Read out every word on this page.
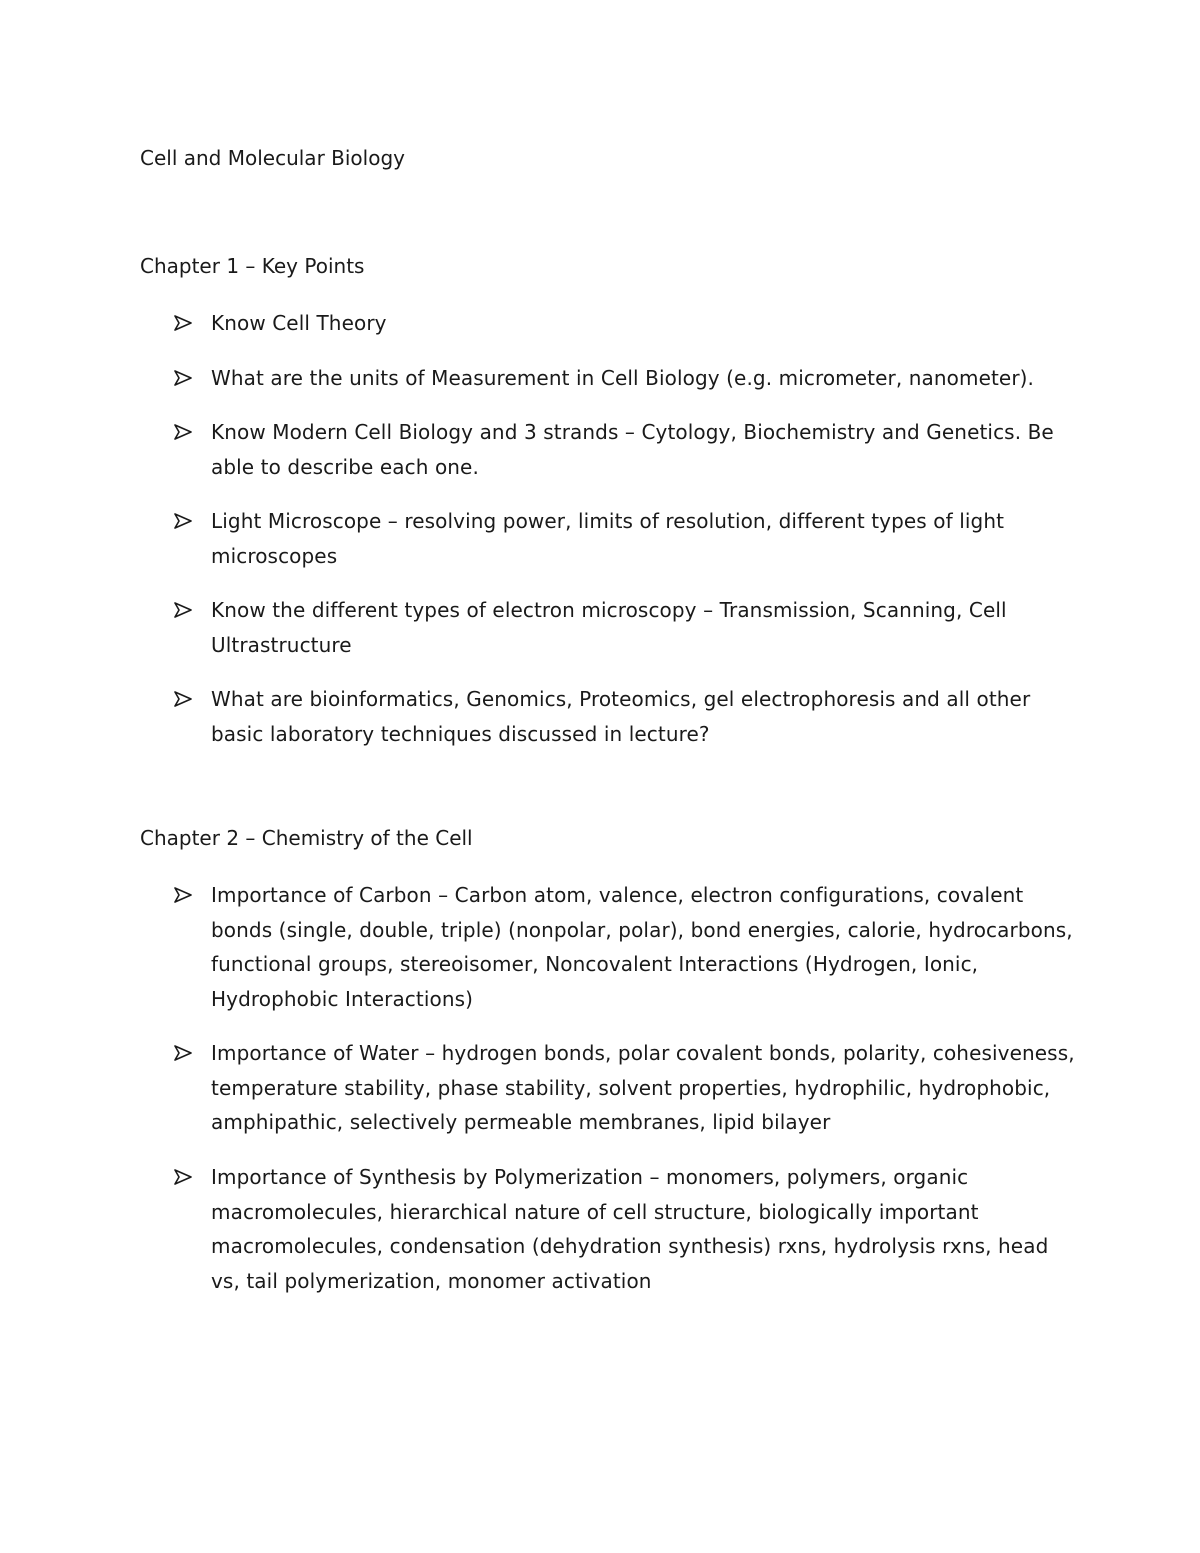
Cell and Molecular Biology
Chapter 1 – Key Points
Know Cell Theory
What are the units of Measurement in Cell Biology (e.g. micrometer, nanometer).
Know Modern Cell Biology and 3 strands – Cytology, Biochemistry and Genetics. Be able to describe each one.
Light Microscope – resolving power, limits of resolution, different types of light microscopes
Know the different types of electron microscopy – Transmission, Scanning, Cell Ultrastructure
What are bioinformatics, Genomics, Proteomics, gel electrophoresis and all other basic laboratory techniques discussed in lecture?
Chapter 2 – Chemistry of the Cell
Importance of Carbon – Carbon atom, valence, electron configurations, covalent bonds (single, double, triple) (nonpolar, polar), bond energies, calorie, hydrocarbons, functional groups, stereoisomer, Noncovalent Interactions (Hydrogen, Ionic, Hydrophobic Interactions)
Importance of Water – hydrogen bonds, polar covalent bonds, polarity, cohesiveness, temperature stability, phase stability, solvent properties, hydrophilic, hydrophobic, amphipathic, selectively permeable membranes, lipid bilayer
Importance of Synthesis by Polymerization – monomers, polymers, organic macromolecules, hierarchical nature of cell structure, biologically important macromolecules, condensation (dehydration synthesis) rxns, hydrolysis rxns, head vs, tail polymerization, monomer activation
